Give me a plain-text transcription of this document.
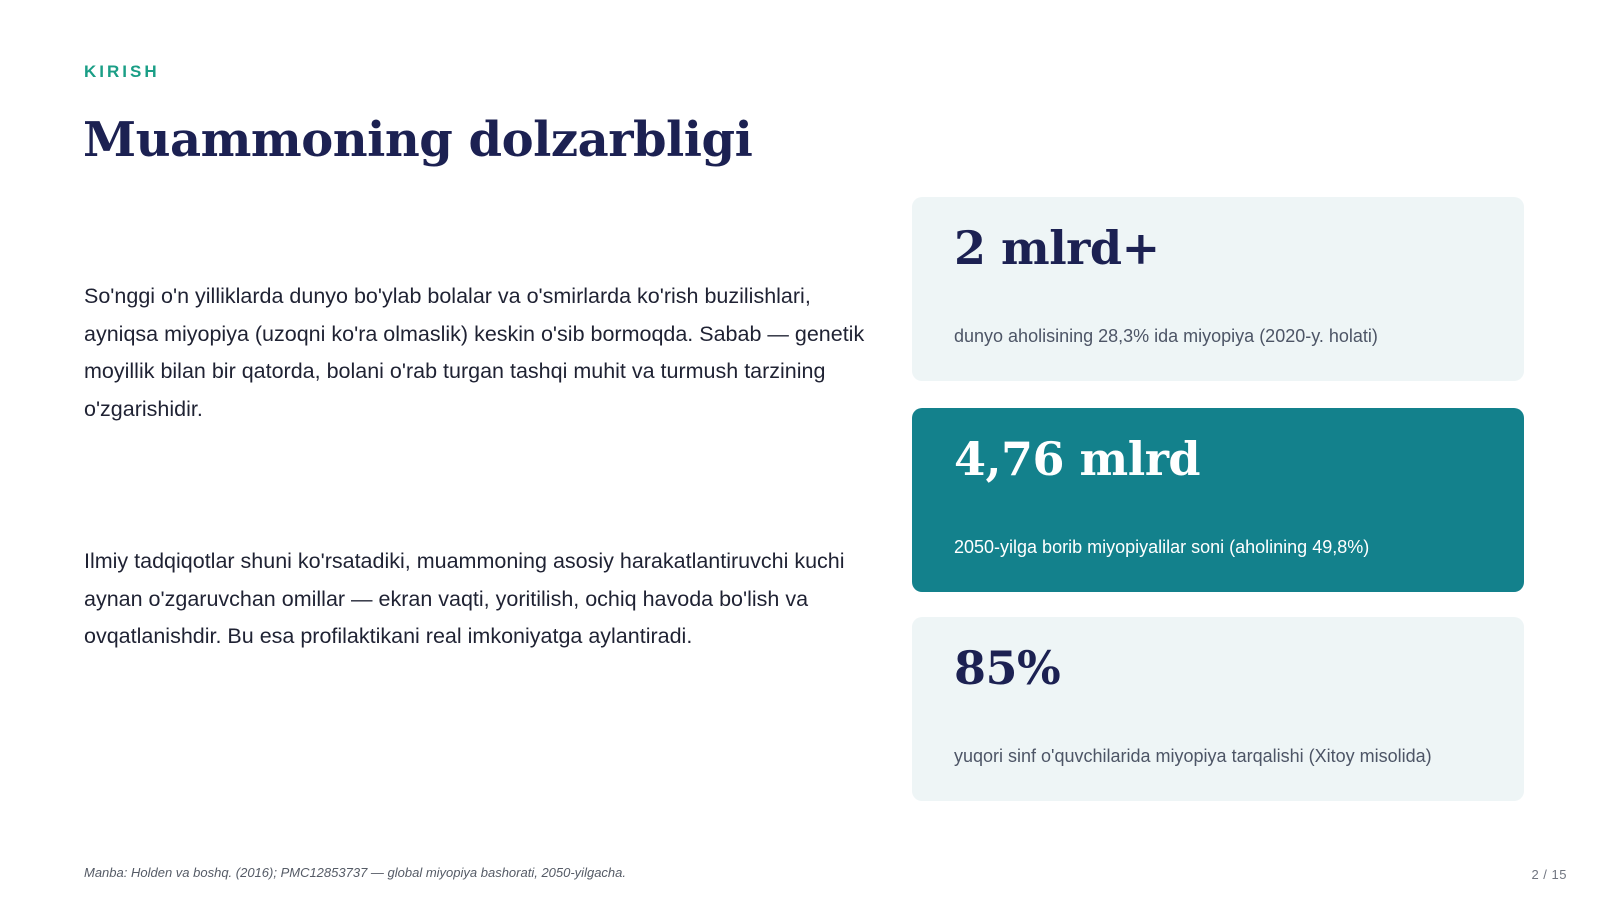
KIRISH
Muammoning dolzarbligi

So'nggi o'n yilliklarda dunyo bo'ylab bolalar va o'smirlarda ko'rish buzilishlari, ayniqsa miyopiya (uzoqni ko'ra olmaslik) keskin o'sib bormoqda. Sabab — genetik moyillik bilan bir qatorda, bolani o'rab turgan tashqi muhit va turmush tarzining o'zgarishidir.

Ilmiy tadqiqotlar shuni ko'rsatadiki, muammoning asosiy harakatlantiruvchi kuchi aynan o'zgaruvchan omillar — ekran vaqti, yoritilish, ochiq havoda bo'lish va ovqatlanishdir. Bu esa profilaktikani real imkoniyatga aylantiradi.

2 mlrd+
dunyo aholisining 28,3% ida miyopiya (2020-y. holati)
4,76 mlrd
2050-yilga borib miyopiyalilar soni (aholining 49,8%)
85%
yuqori sinf o'quvchilarida miyopiya tarqalishi (Xitoy misolida)
Manba: Holden va boshq. (2016); PMC12853737 — global miyopiya bashorati, 2050-yilgacha.	2 / 15
